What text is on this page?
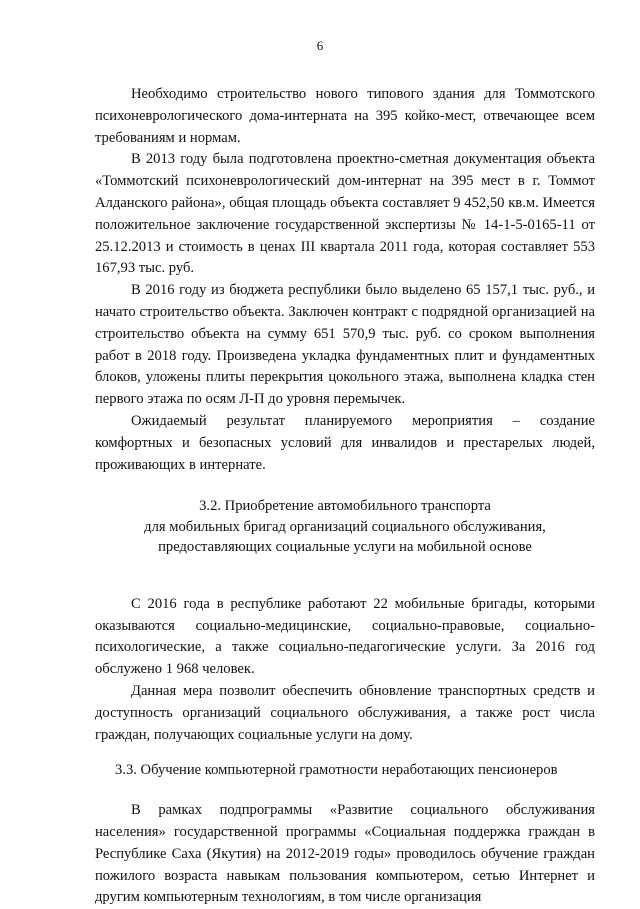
6

Необходимо строительство нового типового здания для Томмотского психоневрологического дома-интерната на 395 койко-мест, отвечающее всем требованиям и нормам.

В 2013 году была подготовлена проектно-сметная документация объекта «Томмотский психоневрологический дом-интернат на 395 мест в г. Томмот Алданского района», общая площадь объекта составляет 9 452,50 кв.м. Имеется положительное заключение государственной экспертизы № 14-1-5-0165-11 от 25.12.2013 и стоимость в ценах III квартала 2011 года, которая составляет 553 167,93 тыс. руб.

В 2016 году из бюджета республики было выделено 65 157,1 тыс. руб., и начато строительство объекта. Заключен контракт с подрядной организацией на строительство объекта на сумму 651 570,9 тыс. руб. со сроком выполнения работ в 2018 году. Произведена укладка фундаментных плит и фундаментных блоков, уложены плиты перекрытия цокольного этажа, выполнена кладка стен первого этажа по осям Л-П до уровня перемычек.

Ожидаемый результат планируемого мероприятия – создание комфортных и безопасных условий для инвалидов и престарелых людей, проживающих в интернате.

3.2. Приобретение автомобильного транспорта
для мобильных бригад организаций социального обслуживания,
предоставляющих социальные услуги на мобильной основе

С 2016 года в республике работают 22 мобильные бригады, которыми оказываются социально-медицинские, социально-правовые, социально-психологические, а также социально-педагогические услуги. За 2016 год обслужено 1 968 человек.

Данная мера позволит обеспечить обновление транспортных средств и доступность организаций социального обслуживания, а также рост числа граждан, получающих социальные услуги на дому.

3.3. Обучение компьютерной грамотности неработающих пенсионеров

В рамках подпрограммы «Развитие социального обслуживания населения» государственной программы «Социальная поддержка граждан в Республике Саха (Якутия) на 2012-2019 годы» проводилось обучение граждан пожилого возраста навыкам пользования компьютером, сетью Интернет и другим компьютерным технологиям, в том числе организация
